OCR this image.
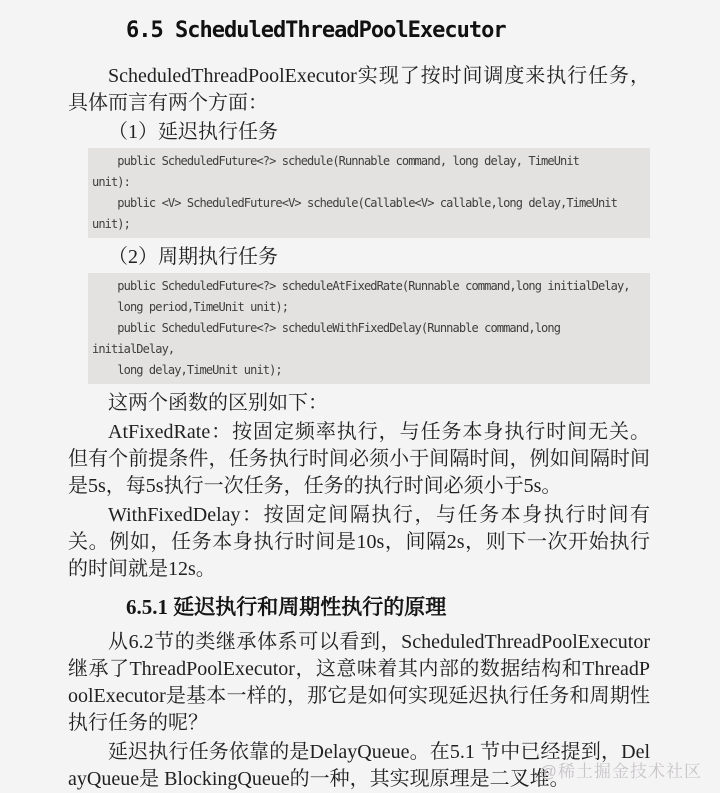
6.5 ScheduledThreadPoolExecutor

ScheduledThreadPoolExecutor实现了按时间调度来执行任务，具体而言有两个方面：

（1）延迟执行任务

public ScheduledFuture<?> schedule(Runnable command, long delay, TimeUnit
unit):
public <V> ScheduledFuture<V> schedule(Callable<V> callable,long delay,TimeUnit
unit);

（2）周期执行任务

public ScheduledFuture<?> scheduleAtFixedRate(Runnable command,long initialDelay,
long period,TimeUnit unit);
public ScheduledFuture<?> scheduleWithFixedDelay(Runnable command,long
initialDelay,
long delay,TimeUnit unit);

这两个函数的区别如下：

AtFixedRate：按固定频率执行，与任务本身执行时间无关。但有个前提条件，任务执行时间必须小于间隔时间，例如间隔时间是5s，每5s执行一次任务，任务的执行时间必须小于5s。

WithFixedDelay：按固定间隔执行，与任务本身执行时间有关。例如，任务本身执行时间是10s，间隔2s，则下一次开始执行的时间就是12s。

6.5.1 延迟执行和周期性执行的原理

从6.2节的类继承体系可以看到，ScheduledThreadPoolExecutor继承了ThreadPoolExecutor，这意味着其内部的数据结构和ThreadPoolExecutor是基本一样的，那它是如何实现延迟执行任务和周期性执行任务的呢？

延迟执行任务依靠的是DelayQueue。在5.1 节中已经提到，DelayQueue是 BlockingQueue的一种，其实现原理是二叉堆。

@稀土掘金技术社区
